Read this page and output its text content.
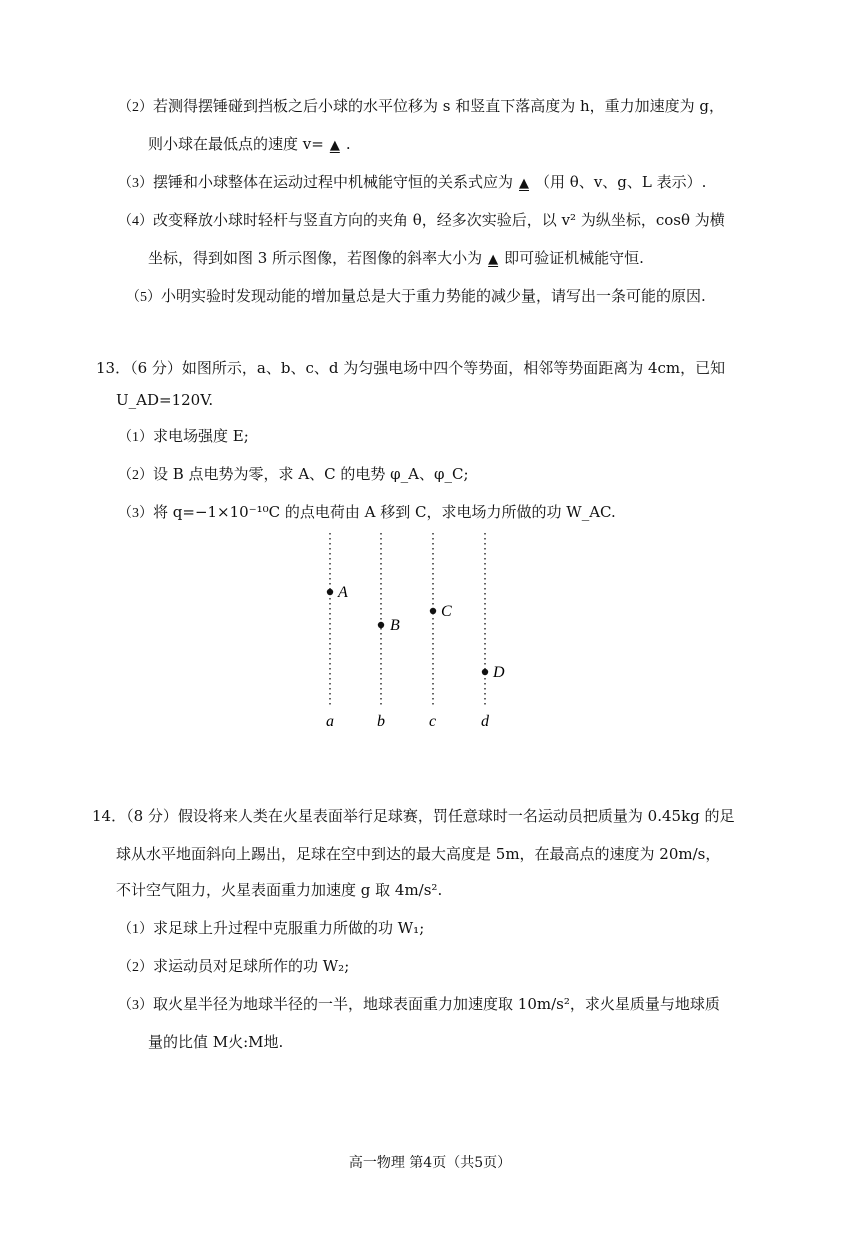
（2）若测得摆锤碰到挡板之后小球的水平位移为 s 和竖直下落高度为 h，重力加速度为 g，
则小球在最低点的速度 v= ▲ .
（3）摆锤和小球整体在运动过程中机械能守恒的关系式应为 ▲ （用 θ、v、g、L 表示）.
（4）改变释放小球时轻杆与竖直方向的夹角 θ，经多次实验后，以 v² 为纵坐标，cosθ 为横
坐标，得到如图 3 所示图像，若图像的斜率大小为 ▲ 即可验证机械能守恒.
（5）小明实验时发现动能的增加量总是大于重力势能的减少量，请写出一条可能的原因.
13．（6 分）如图所示，a、b、c、d 为匀强电场中四个等势面，相邻等势面距离为 4cm，已知
U_AD=120V.
（1）求电场强度 E;
（2）设 B 点电势为零，求 A、C 的电势 φ_A、φ_C;
（3）将 q=−1×10⁻¹⁰C 的点电荷由 A 移到 C，求电场力所做的功 W_AC.
A
B
C
D
a	b	c	d
14．（8 分）假设将来人类在火星表面举行足球赛，罚任意球时一名运动员把质量为 0.45kg 的足
球从水平地面斜向上踢出，足球在空中到达的最大高度是 5m，在最高点的速度为 20m/s，
不计空气阻力，火星表面重力加速度 g 取 4m/s².
（1）求足球上升过程中克服重力所做的功 W₁;
（2）求运动员对足球所作的功 W₂;
（3）取火星半径为地球半径的一半，地球表面重力加速度取 10m/s²，求火星质量与地球质
量的比值 M火:M地.
高一物理 第4页（共5页）
